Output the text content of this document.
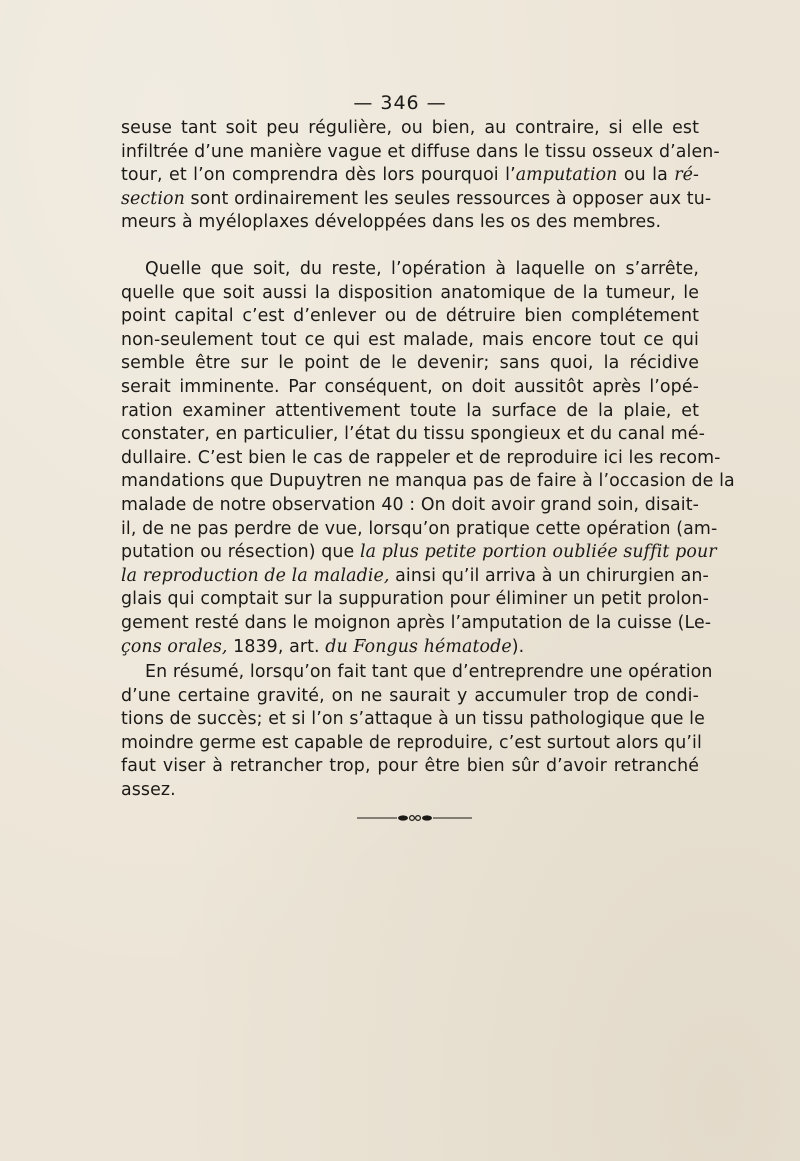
— 346 —
seuse tant soit peu régulière, ou bien, au contraire, si elle est
infiltrée d’une manière vague et diffuse dans le tissu osseux d’alen-
tour, et l’on comprendra dès lors pourquoi l’amputation ou la ré-
section sont ordinairement les seules ressources à opposer aux tu-
meurs à myéloplaxes développées dans les os des membres.
Quelle que soit, du reste, l’opération à laquelle on s’arrête,
quelle que soit aussi la disposition anatomique de la tumeur, le
point capital c’est d’enlever ou de détruire bien complétement
non-seulement tout ce qui est malade, mais encore tout ce qui
semble être sur le point de le devenir; sans quoi, la récidive
serait imminente. Par conséquent, on doit aussitôt après l’opé-
ration examiner attentivement toute la surface de la plaie, et
constater, en particulier, l’état du tissu spongieux et du canal mé-
dullaire. C’est bien le cas de rappeler et de reproduire ici les recom-
mandations que Dupuytren ne manqua pas de faire à l’occasion de la
malade de notre observation 40 : On doit avoir grand soin, disait-
il, de ne pas perdre de vue, lorsqu’on pratique cette opération (am-
putation ou résection) que la plus petite portion oubliée suffit pour
la reproduction de la maladie, ainsi qu’il arriva à un chirurgien an-
glais qui comptait sur la suppuration pour éliminer un petit prolon-
gement resté dans le moignon après l’amputation de la cuisse (Le-
çons orales, 1839, art. du Fongus hématode).
En résumé, lorsqu’on fait tant que d’entreprendre une opération
d’une certaine gravité, on ne saurait y accumuler trop de condi-
tions de succès; et si l’on s’attaque à un tissu pathologique que le
moindre germe est capable de reproduire, c’est surtout alors qu’il
faut viser à retrancher trop, pour être bien sûr d’avoir retranché
assez.
